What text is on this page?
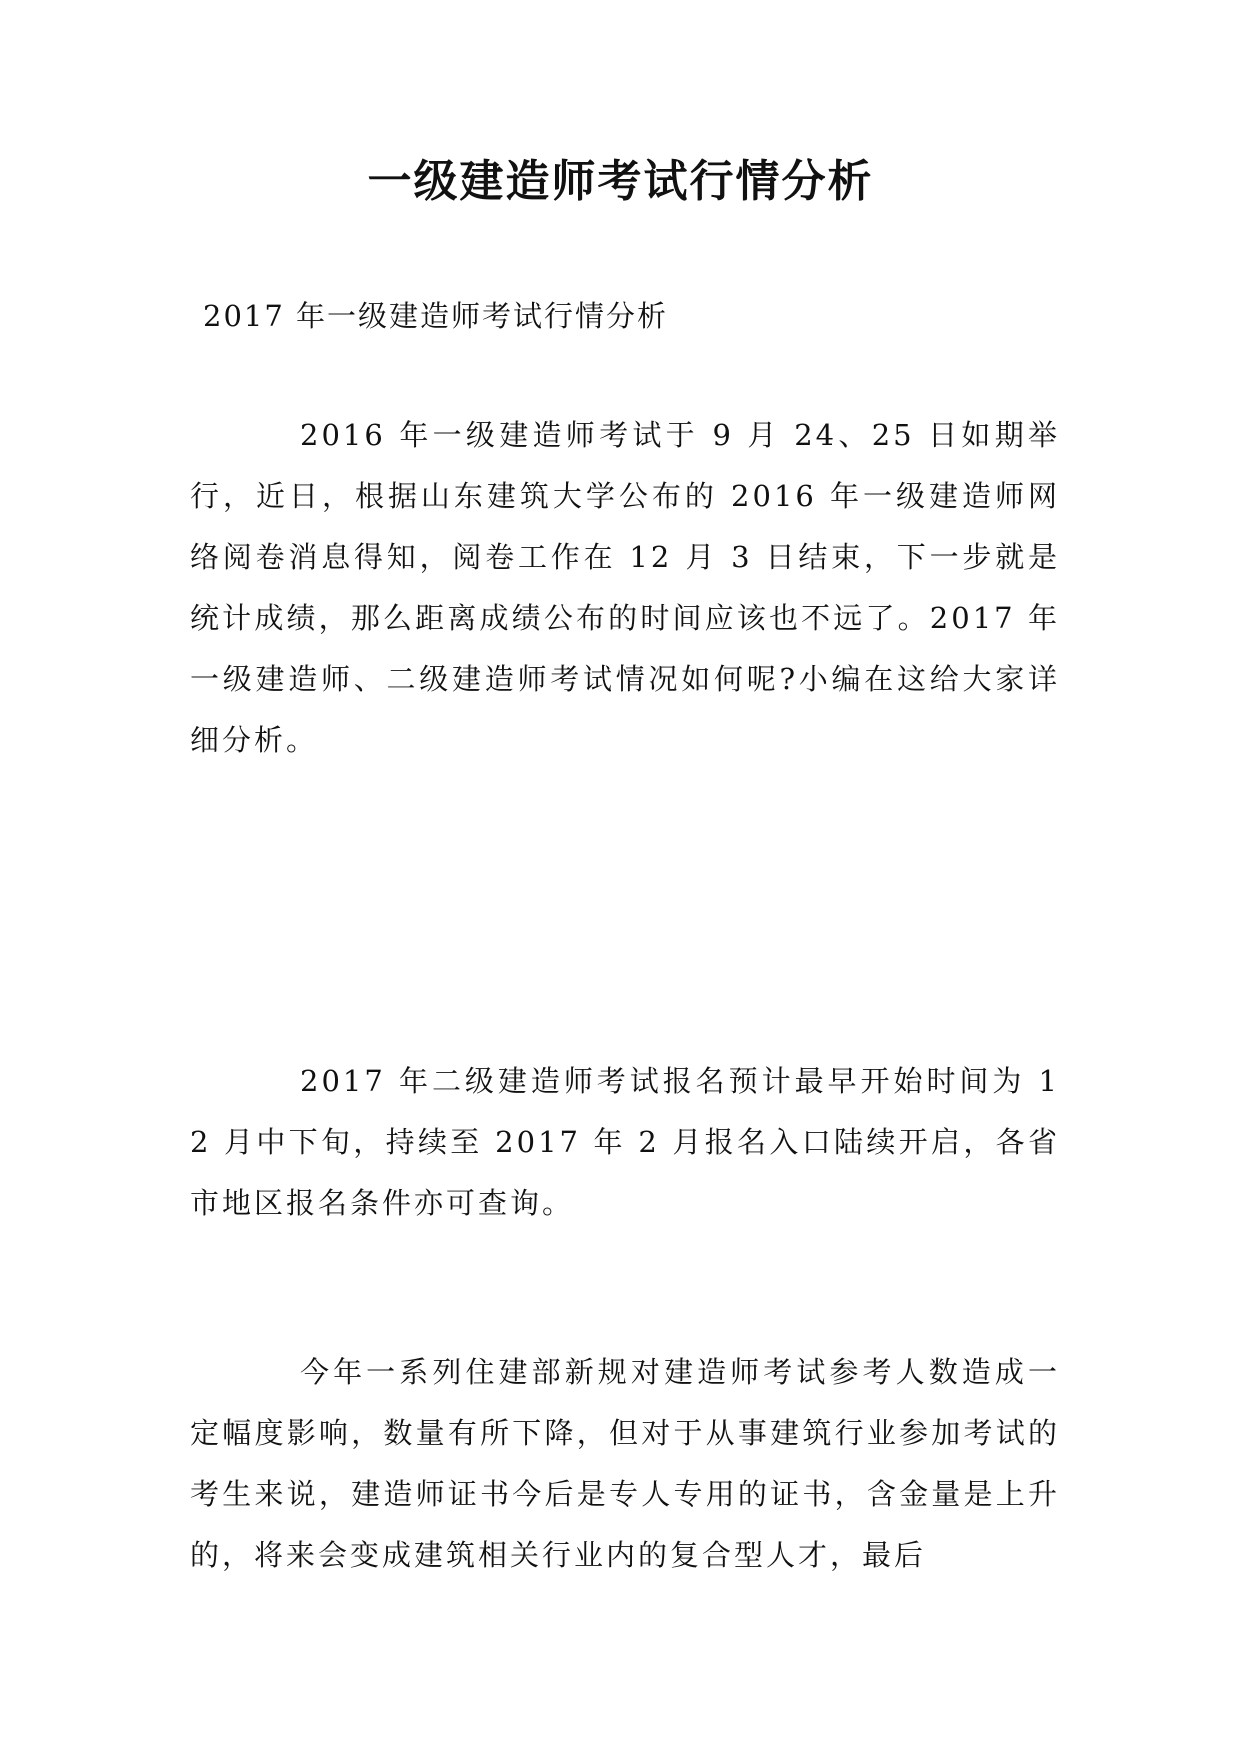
一级建造师考试行情分析

2017 年一级建造师考试行情分析

2016 年一级建造师考试于 9 月 24、25 日如期举行，近日，根据山东建筑大学公布的 2016 年一级建造师网络阅卷消息得知，阅卷工作在 12 月 3 日结束，下一步就是统计成绩，那么距离成绩公布的时间应该也不远了。2017 年一级建造师、二级建造师考试情况如何呢?小编在这给大家详细分析。

2017 年二级建造师考试报名预计最早开始时间为 12 月中下旬，持续至 2017 年 2 月报名入口陆续开启，各省市地区报名条件亦可查询。

今年一系列住建部新规对建造师考试参考人数造成一定幅度影响，数量有所下降，但对于从事建筑行业参加考试的考生来说，建造师证书今后是专人专用的证书，含金量是上升的，将来会变成建筑相关行业内的复合型人才，最后
